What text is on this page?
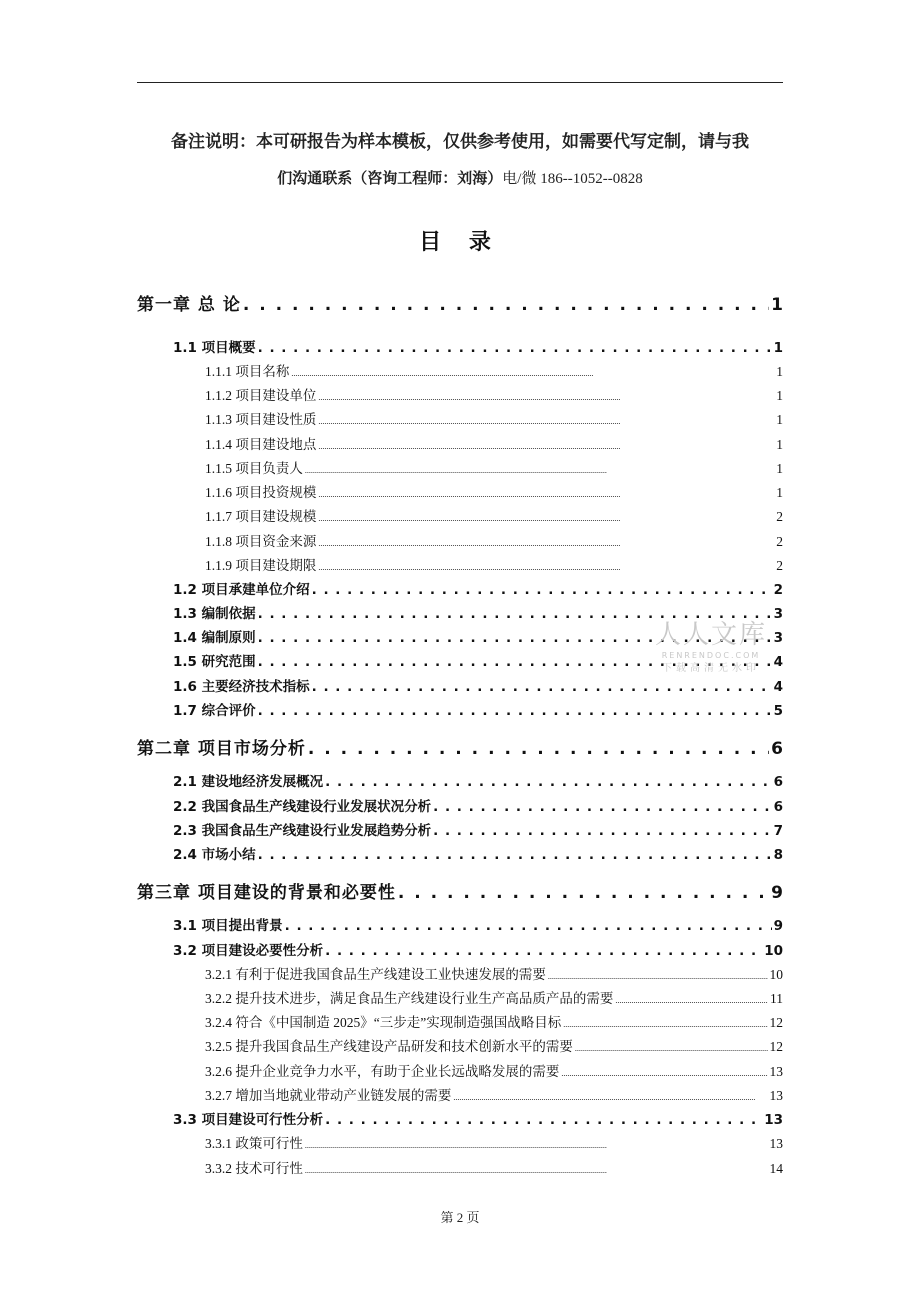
备注说明：本可研报告为样本模板，仅供参考使用，如需要代写定制，请与我
们沟通联系（咨询工程师：刘海）电/微 186--1052--0828
目 录
第一章 总 论 . . .	1
1.1 项目概要 . . .	1
1.1.1 项目名称 . . .	1
1.1.2 项目建设单位 . . .	1
1.1.3 项目建设性质 . . .	1
1.1.4 项目建设地点 . . .	1
1.1.5 项目负责人 . . .	1
1.1.6 项目投资规模 . . .	1
1.1.7 项目建设规模 . . .	2
1.1.8 项目资金来源 . . .	2
1.1.9 项目建设期限 . . .	2
1.2 项目承建单位介绍 . . .	2
1.3 编制依据 . . .	3
1.4 编制原则 . . .	3
1.5 研究范围 . . .	4
1.6 主要经济技术指标 . . .	4
1.7 综合评价 . . .	5
第二章 项目市场分析 . . .	6
2.1 建设地经济发展概况 . . .	6
2.2 我国食品生产线建设行业发展状况分析 . . .	6
2.3 我国食品生产线建设行业发展趋势分析 . . .	7
2.4 市场小结 . . .	8
第三章 项目建设的背景和必要性 . . .	9
3.1 项目提出背景 . . .	9
3.2 项目建设必要性分析 . . .	10
3.2.1 有利于促进我国食品生产线建设工业快速发展的需要 . . .	10
3.2.2 提升技术进步，满足食品生产线建设行业生产高品质产品的需要 . . .	11
3.2.4 符合《中国制造 2025》“三步走”实现制造强国战略目标 . . .	12
3.2.5 提升我国食品生产线建设产品研发和技术创新水平的需要 . . .	12
3.2.6 提升企业竞争力水平，有助于企业长远战略发展的需要 . . .	13
3.2.7 增加当地就业带动产业链发展的需要 . . .	13
3.3 项目建设可行性分析 . . .	13
3.3.1 政策可行性 . . .	13
3.3.2 技术可行性 . . .	14
人人文库
RENRENDOC.COM
下载高清无水印
第 2 页
